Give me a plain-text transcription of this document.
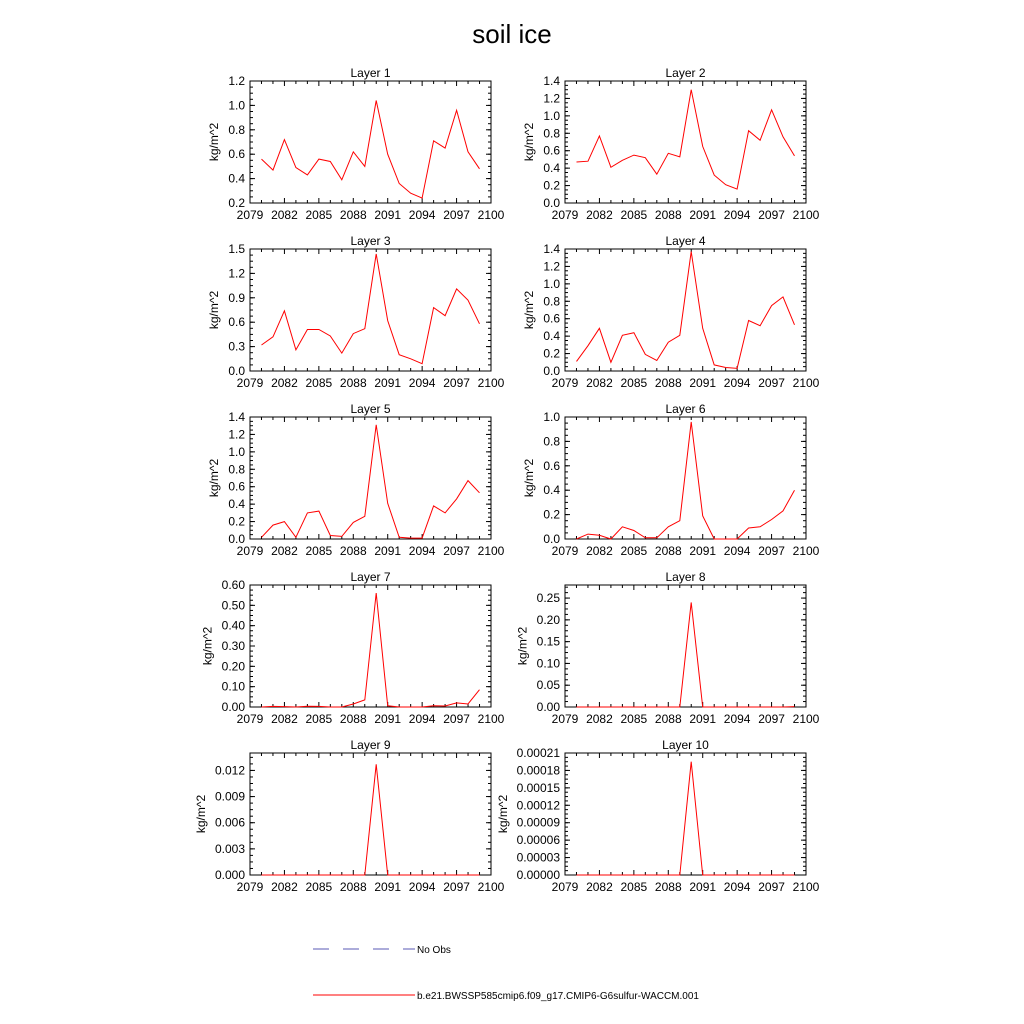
soil ice
Layer 1
2079 2082 2085 2088 2091 2094 2097 2100
0.2
0.4
0.6
0.8
1.0
1.2
kg/m^2
Layer 2
2079 2082 2085 2088 2091 2094 2097 2100
0.0
0.2
0.4
0.6
0.8
1.0
1.2
1.4
kg/m^2
Layer 3
2079 2082 2085 2088 2091 2094 2097 2100
0.0
0.3
0.6
0.9
1.2
1.5
kg/m^2
Layer 4
2079 2082 2085 2088 2091 2094 2097 2100
0.0
0.2
0.4
0.6
0.8
1.0
1.2
1.4
kg/m^2
Layer 5
2079 2082 2085 2088 2091 2094 2097 2100
0.0
0.2
0.4
0.6
0.8
1.0
1.2
1.4
kg/m^2
Layer 6
2079 2082 2085 2088 2091 2094 2097 2100
0.0
0.2
0.4
0.6
0.8
1.0
kg/m^2
Layer 7
2079 2082 2085 2088 2091 2094 2097 2100
0.00
0.10
0.20
0.30
0.40
0.50
0.60
kg/m^2
Layer 8
2079 2082 2085 2088 2091 2094 2097 2100
0.00
0.05
0.10
0.15
0.20
0.25
kg/m^2
Layer 9
2079 2082 2085 2088 2091 2094 2097 2100
0.000
0.003
0.006
0.009
0.012
kg/m^2
Layer 10
2079 2082 2085 2088 2091 2094 2097 2100
0.00000
0.00003
0.00006
0.00009
0.00012
0.00015
0.00018
0.00021
kg/m^2
No Obs
b.e21.BWSSP585cmip6.f09_g17.CMIP6-G6sulfur-WACCM.001
